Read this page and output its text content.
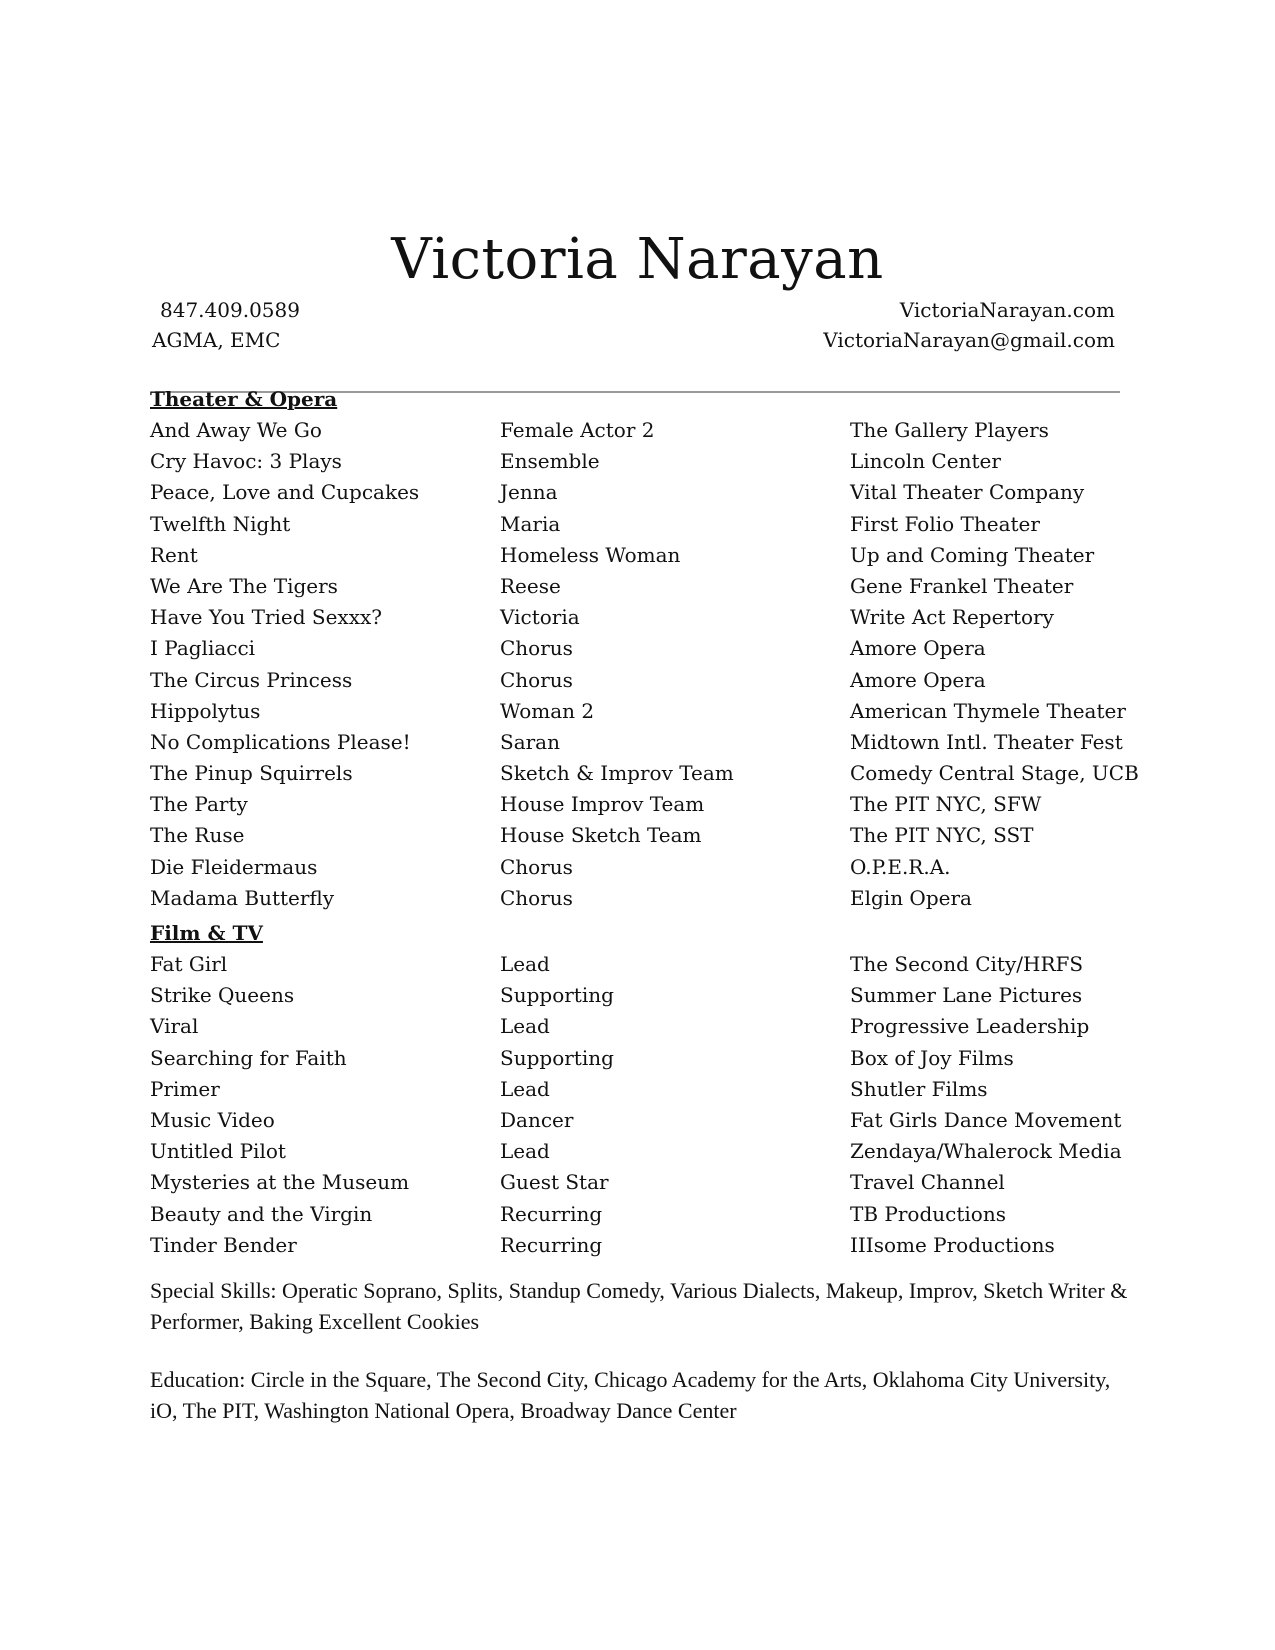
Victoria Narayan
847.409.0589
AGMA, EMC
VictoriaNarayan.com
VictoriaNarayan@gmail.com
Theater & Opera
And Away We Go	Female Actor 2	The Gallery Players
Cry Havoc: 3 Plays	Ensemble	Lincoln Center
Peace, Love and Cupcakes	Jenna	Vital Theater Company
Twelfth Night	Maria	First Folio Theater
Rent	Homeless Woman	Up and Coming Theater
We Are The Tigers	Reese	Gene Frankel Theater
Have You Tried Sexxx?	Victoria	Write Act Repertory
I Pagliacci	Chorus	Amore Opera
The Circus Princess	Chorus	Amore Opera
Hippolytus	Woman 2	American Thymele Theater
No Complications Please!	Saran	Midtown Intl. Theater Fest
The Pinup Squirrels	Sketch & Improv Team	Comedy Central Stage, UCB
The Party	House Improv Team	The PIT NYC, SFW
The Ruse	House Sketch Team	The PIT NYC, SST
Die Fleidermaus	Chorus	O.P.E.R.A.
Madama Butterfly	Chorus	Elgin Opera
Film & TV
Fat Girl	Lead	The Second City/HRFS
Strike Queens	Supporting	Summer Lane Pictures
Viral	Lead	Progressive Leadership
Searching for Faith	Supporting	Box of Joy Films
Primer	Lead	Shutler Films
Music Video	Dancer	Fat Girls Dance Movement
Untitled Pilot	Lead	Zendaya/Whalerock Media
Mysteries at the Museum	Guest Star	Travel Channel
Beauty and the Virgin	Recurring	TB Productions
Tinder Bender	Recurring	IIIsome Productions
Special Skills: Operatic Soprano, Splits, Standup Comedy, Various Dialects, Makeup, Improv, Sketch Writer & Performer, Baking Excellent Cookies
Education: Circle in the Square, The Second City, Chicago Academy for the Arts, Oklahoma City University, iO, The PIT, Washington National Opera, Broadway Dance Center
